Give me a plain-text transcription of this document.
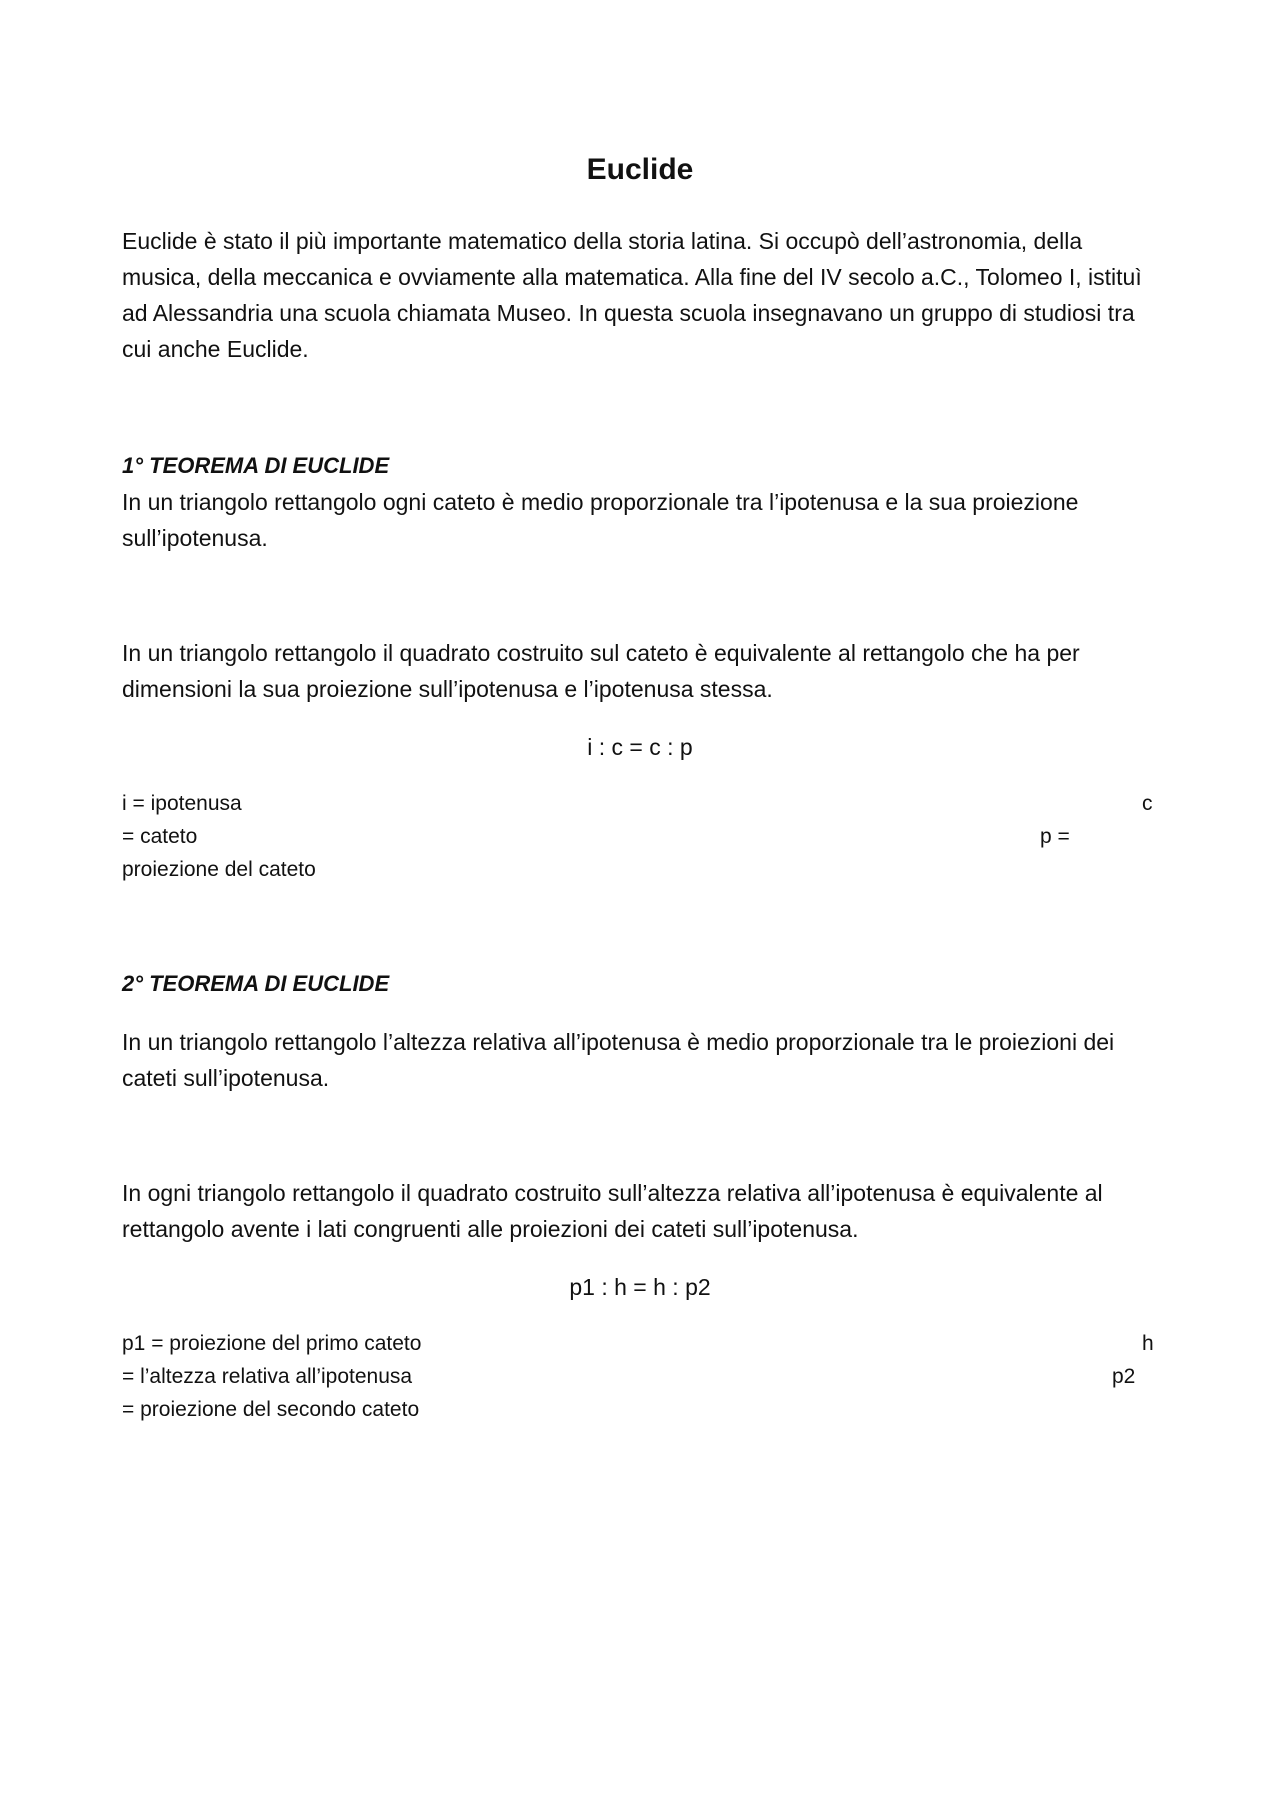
Euclide

Euclide è stato il più importante matematico della storia latina. Si occupò dell’astronomia, della musica, della meccanica e ovviamente alla matematica. Alla fine del IV secolo a.C., Tolomeo I, istituì ad Alessandria una scuola chiamata Museo. In questa scuola insegnavano un gruppo di studiosi tra cui anche Euclide.

1° TEOREMA DI EUCLIDE

In un triangolo rettangolo ogni cateto è medio proporzionale tra l’ipotenusa e la sua proiezione sull’ipotenusa.

In un triangolo rettangolo il quadrato costruito sul cateto è equivalente al rettangolo che ha per dimensioni la sua proiezione sull’ipotenusa e l’ipotenusa stessa.

i : c = c : p
i = ipotenusa	c
= cateto	p =
proiezione del cateto
2° TEOREMA DI EUCLIDE

In un triangolo rettangolo l’altezza relativa all’ipotenusa è medio proporzionale tra le proiezioni dei cateti sull’ipotenusa.

In ogni triangolo rettangolo il quadrato costruito sull’altezza relativa all’ipotenusa è equivalente al rettangolo avente i lati congruenti alle proiezioni dei cateti sull’ipotenusa.

p1 : h = h : p2
p1 = proiezione del primo cateto	h
= l’altezza relativa all’ipotenusa	p2
= proiezione del secondo cateto
